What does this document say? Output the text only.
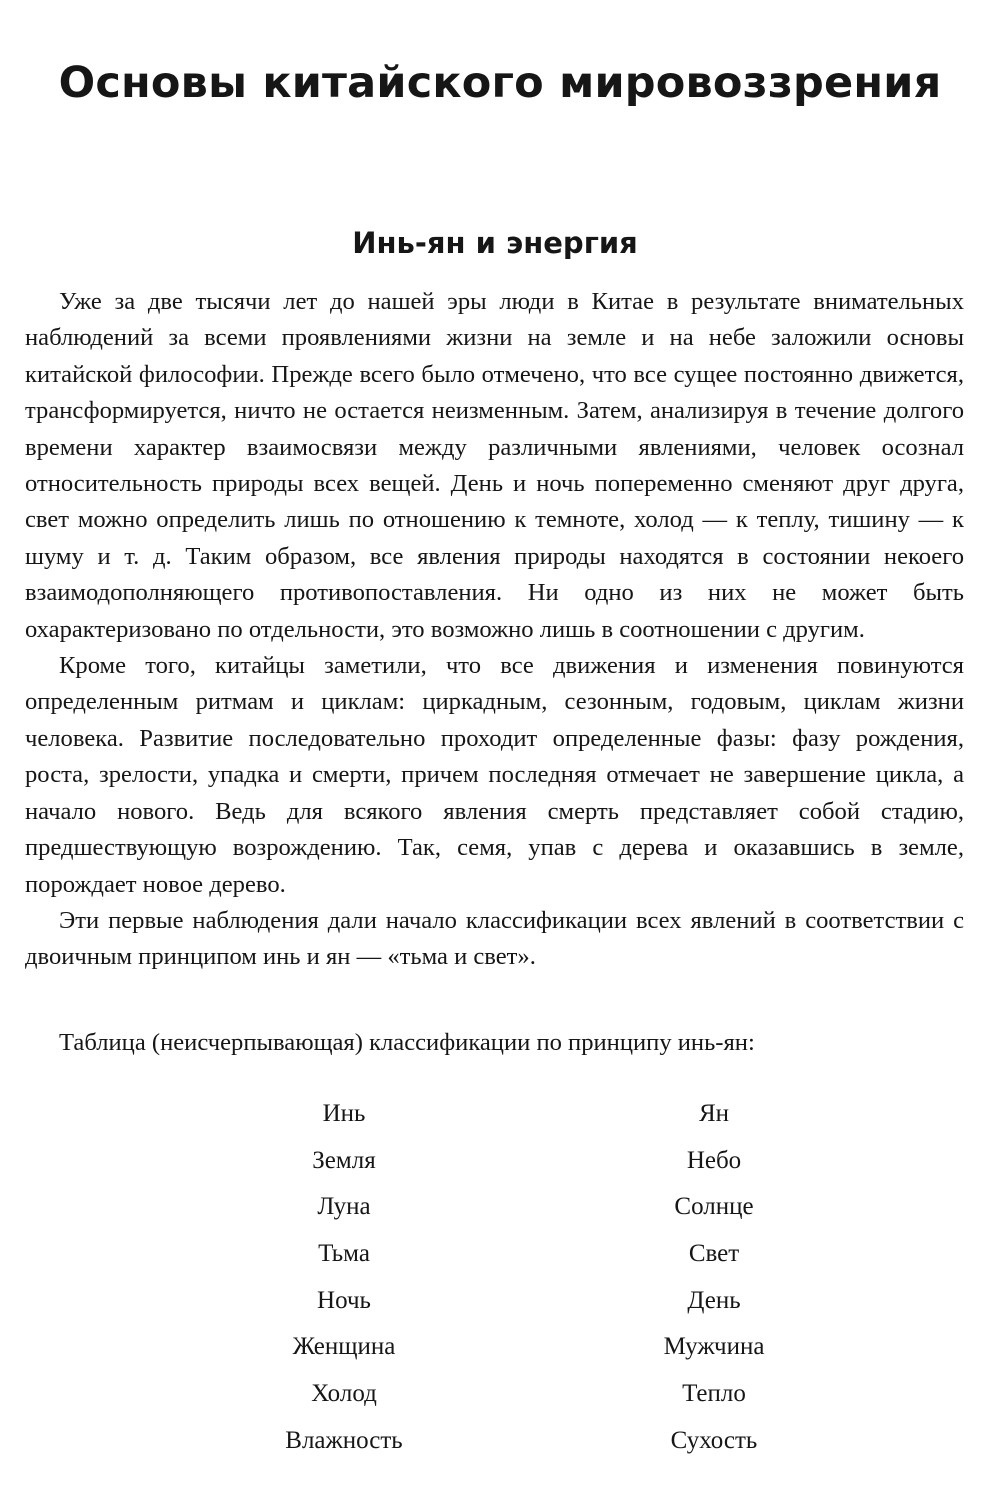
Основы китайского мировоззрения
Инь-ян и энергия

Уже за две тысячи лет до нашей эры люди в Китае в результате внимательных наблюдений за всеми проявлениями жизни на земле и на небе заложили основы китайской философии. Прежде всего было отмечено, что все сущее постоянно движется, трансформируется, ничто не остается неизменным. Затем, анализируя в течение долгого времени характер взаимосвязи между различными явлениями, человек осознал относительность природы всех вещей. День и ночь попеременно сменяют друг друга, свет можно определить лишь по отношению к темноте, холод — к теплу, тишину — к шуму и т. д. Таким образом, все явления природы находятся в состоянии некоего взаимодополняющего противопоставления. Ни одно из них не может быть охарактеризовано по отдельности, это возможно лишь в соотношении с другим.

Кроме того, китайцы заметили, что все движения и изменения повинуются определенным ритмам и циклам: циркадным, сезонным, годовым, циклам жизни человека. Развитие последовательно проходит определенные фазы: фазу рождения, роста, зрелости, упадка и смерти, причем последняя отмечает не завершение цикла, а начало нового. Ведь для всякого явления смерть представляет собой стадию, предшествующую возрождению. Так, семя, упав с дерева и оказавшись в земле, порождает новое дерево.

Эти первые наблюдения дали начало классификации всех явлений в соответствии с двоичным принципом инь и ян — «тьма и свет».

Таблица (неисчерпывающая) классификации по принципу инь-ян:

Инь	Ян
Земля	Небо
Луна	Солнце
Тьма	Свет
Ночь	День
Женщина	Мужчина
Холод	Тепло
Влажность	Сухость
